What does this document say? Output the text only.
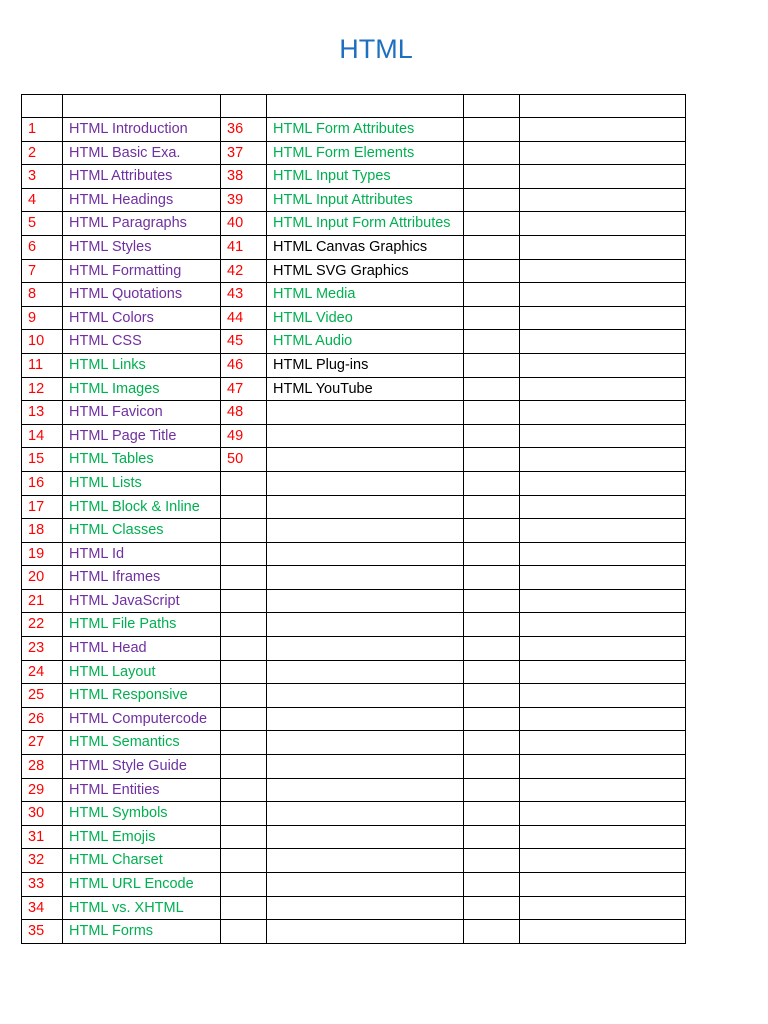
HTML

1	HTML Introduction	36	HTML Form Attributes		
2	HTML Basic Exa.	37	HTML Form Elements		
3	HTML Attributes	38	HTML Input Types		
4	HTML Headings	39	HTML Input Attributes		
5	HTML Paragraphs	40	HTML Input Form Attributes		
6	HTML Styles	41	HTML Canvas Graphics		
7	HTML Formatting	42	HTML SVG Graphics		
8	HTML Quotations	43	HTML Media		
9	HTML Colors	44	HTML Video		
10	HTML CSS	45	HTML Audio		
11	HTML Links	46	HTML Plug-ins		
12	HTML Images	47	HTML YouTube		
13	HTML Favicon	48			
14	HTML Page Title	49			
15	HTML Tables	50			
16	HTML Lists				
17	HTML Block & Inline				
18	HTML Classes				
19	HTML Id				
20	HTML Iframes				
21	HTML JavaScript				
22	HTML File Paths				
23	HTML Head				
24	HTML Layout				
25	HTML Responsive				
26	HTML Computercode				
27	HTML Semantics				
28	HTML Style Guide				
29	HTML Entities				
30	HTML Symbols				
31	HTML Emojis				
32	HTML Charset				
33	HTML URL Encode				
34	HTML vs. XHTML				
35	HTML Forms				
